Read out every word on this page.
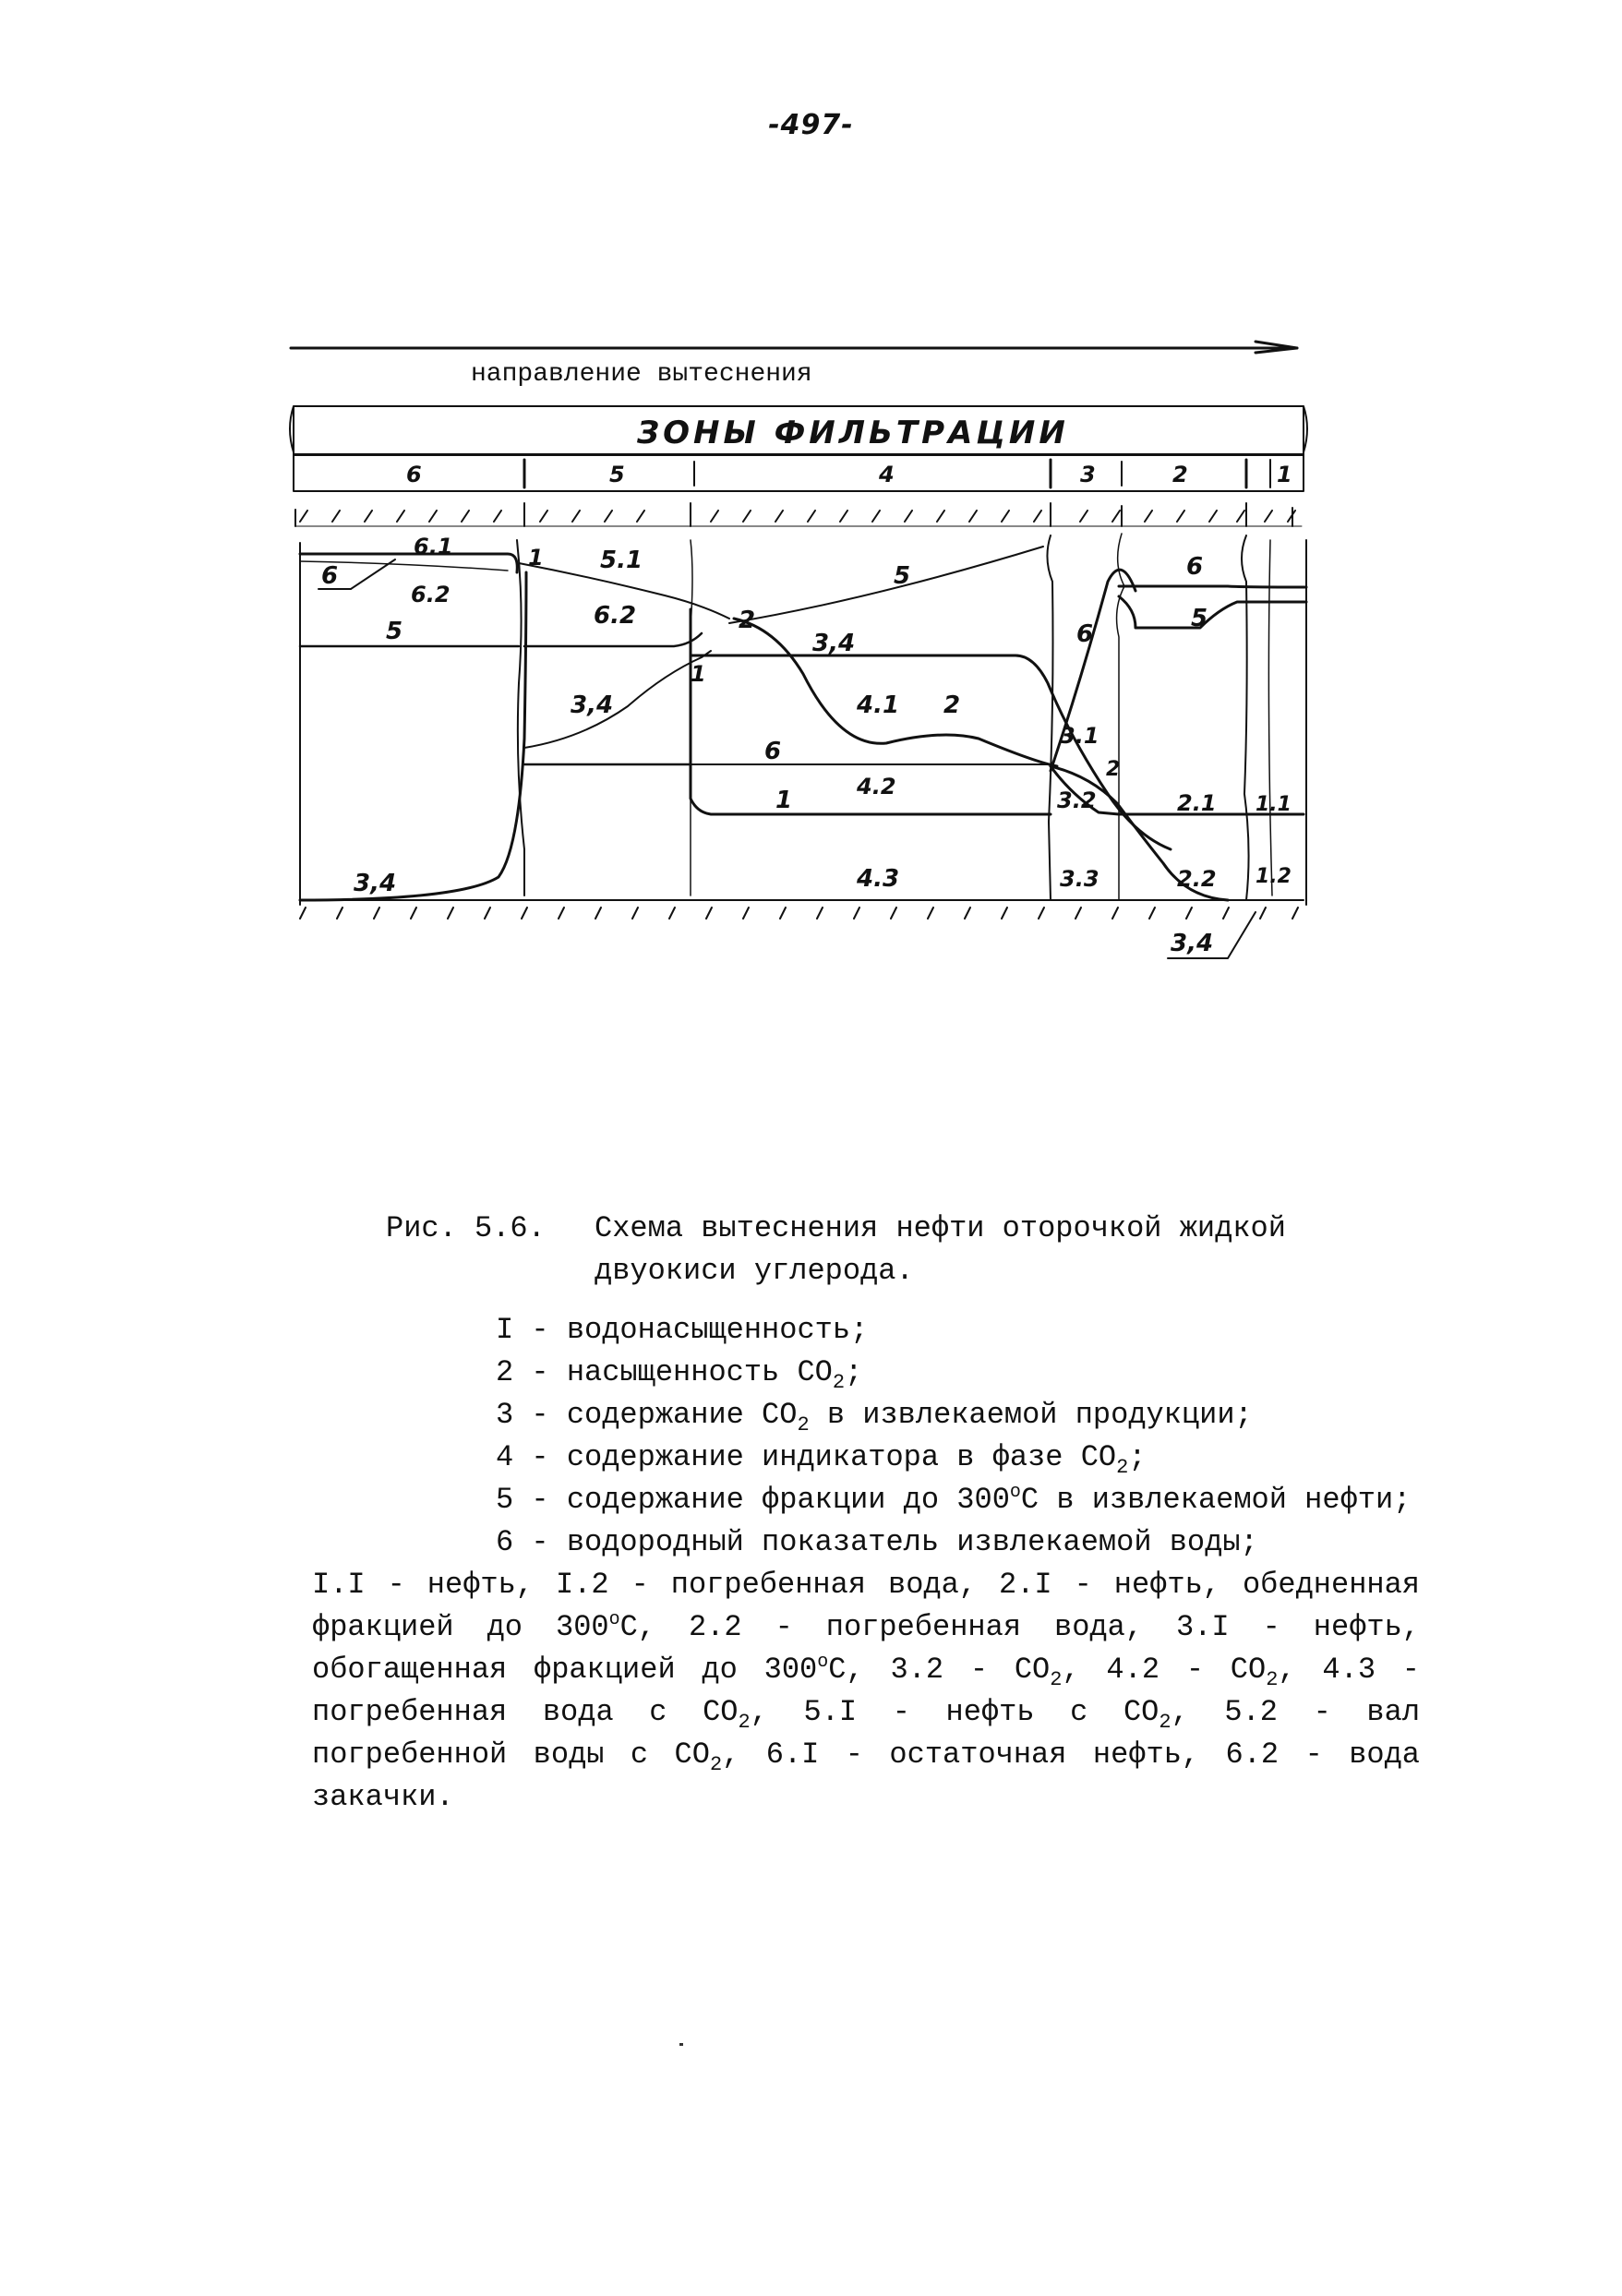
-497-
направление вытеснения
ЗОНЫ ФИЛЬТРАЦИИ
6	5	4	3	2	1
6.1
6
6.2
5
3,4
1 5.1
6.2	2
3,4
5
3,4
1
4.1 2
6
4.2
1
4.3
6
3.1
2
3.2
3.3
6
5
2.1
2.2
1.1
1.2
3,4
Рис. 5.6. Схема вытеснения нефти оторочкой жидкой двуокиси углерода.
I - водонасыщенность;
2 - насыщенность $CO_2$;
3 - содержание $CO_2$ в извлекаемой продукции;
4 - содержание индикатора в фазе $CO_2$;
5 - содержание фракции до 300$^o$C в извлекаемой нефти;
6 - водородный показатель извлекаемой воды;
I.I - нефть, I.2 - погребенная вода, 2.I - нефть, обедненная фракцией до 300$^o$C, 2.2 - погребенная вода, 3.I - нефть, обогащенная фракцией до 300$^o$C, $3.2 - CO_2$, $4.2 - CO_2$, 4.3 - погребенная вода с $CO_2$, 5.I - нефть с $CO_2$, 5.2 - вал погребенной воды с $CO_2$, 6.I - остаточная нефть, 6.2 - вода закачки.
